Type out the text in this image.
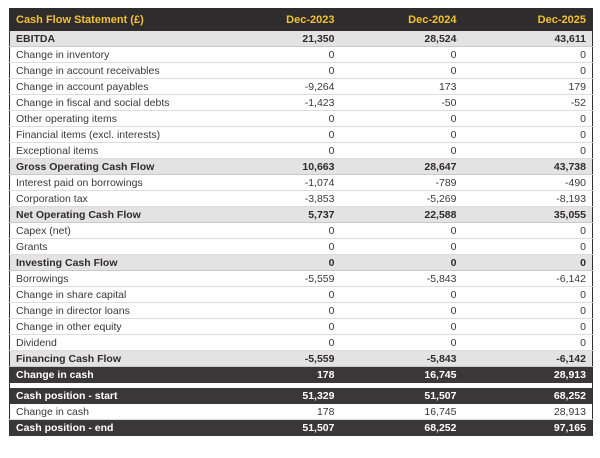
Cash Flow Statement (£)	Dec-2023	Dec-2024	Dec-2025
EBITDA	21,350	28,524	43,611
Change in inventory	0	0	0
Change in account receivables	0	0	0
Change in account payables	-9,264	173	179
Change in fiscal and social debts	-1,423	-50	-52
Other operating items	0	0	0
Financial items (excl. interests)	0	0	0
Exceptional items	0	0	0
Gross Operating Cash Flow	10,663	28,647	43,738
Interest paid on borrowings	-1,074	-789	-490
Corporation tax	-3,853	-5,269	-8,193
Net Operating Cash Flow	5,737	22,588	35,055
Capex (net)	0	0	0
Grants	0	0	0
Investing Cash Flow	0	0	0
Borrowings	-5,559	-5,843	-6,142
Change in share capital	0	0	0
Change in director loans	0	0	0
Change in other equity	0	0	0
Dividend	0	0	0
Financing Cash Flow	-5,559	-5,843	-6,142
Change in cash	178	16,745	28,913

Cash position - start	51,329	51,507	68,252
Change in cash	178	16,745	28,913
Cash position - end	51,507	68,252	97,165
